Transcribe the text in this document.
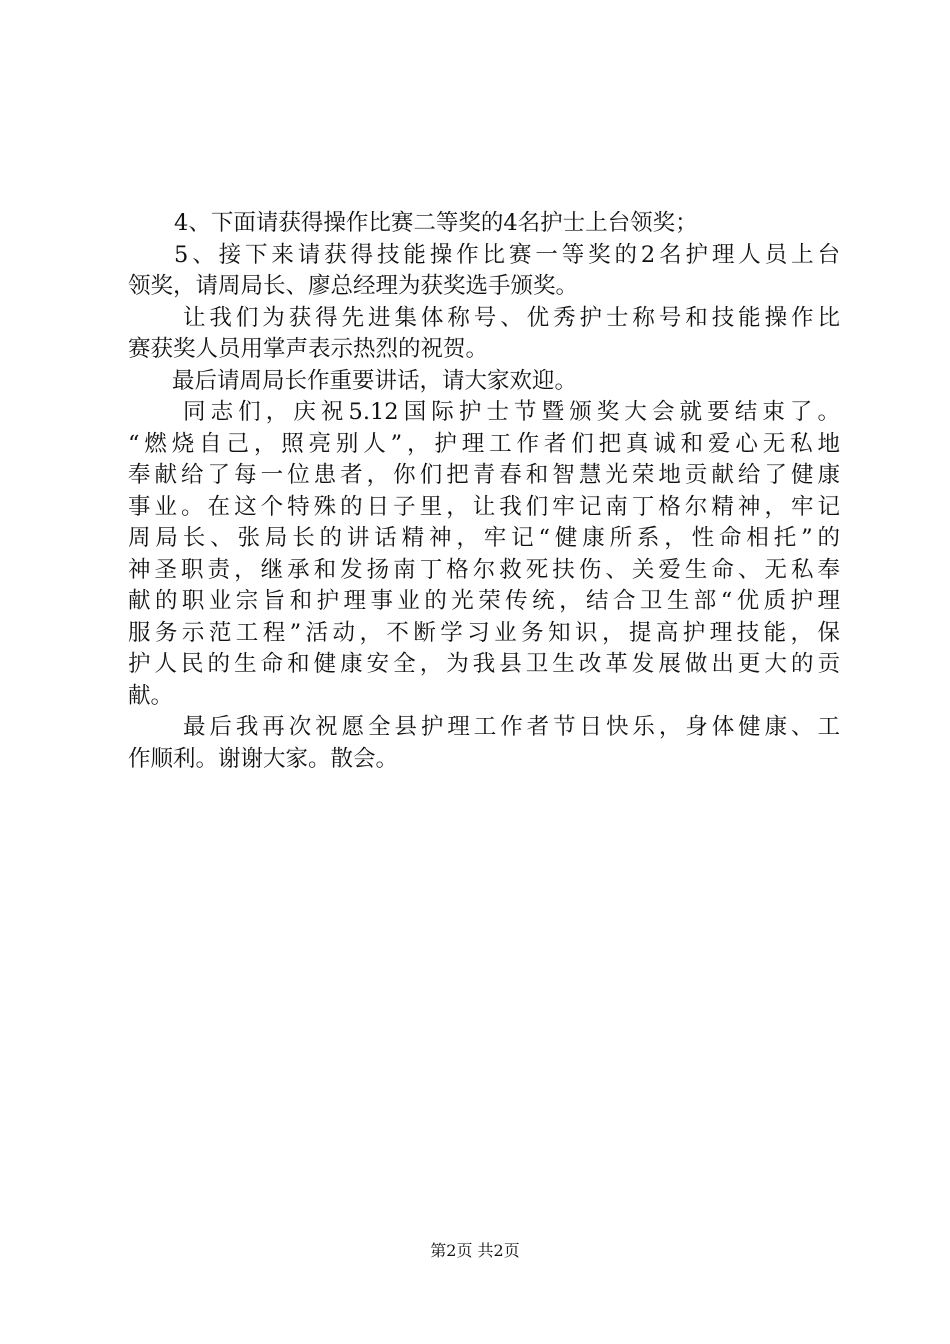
4、下面请获得操作比赛二等奖的4名护士上台领奖；
5、接下来请获得技能操作比赛一等奖的2名护理人员上台
领奖，请周局长、廖总经理为获奖选手颁奖。
让我们为获得先进集体称号、优秀护士称号和技能操作比
赛获奖人员用掌声表示热烈的祝贺。
最后请周局长作重要讲话，请大家欢迎。
同志们，庆祝5.12国际护士节暨颁奖大会就要结束了。
“燃烧自己，照亮别人”，护理工作者们把真诚和爱心无私地
奉献给了每一位患者，你们把青春和智慧光荣地贡献给了健康
事业。在这个特殊的日子里，让我们牢记南丁格尔精神，牢记
周局长、张局长的讲话精神，牢记“健康所系，性命相托”的
神圣职责，继承和发扬南丁格尔救死扶伤、关爱生命、无私奉
献的职业宗旨和护理事业的光荣传统，结合卫生部“优质护理
服务示范工程”活动，不断学习业务知识，提高护理技能，保
护人民的生命和健康安全，为我县卫生改革发展做出更大的贡
献。
最后我再次祝愿全县护理工作者节日快乐，身体健康、工
作顺利。谢谢大家。散会。
第2页 共2页
